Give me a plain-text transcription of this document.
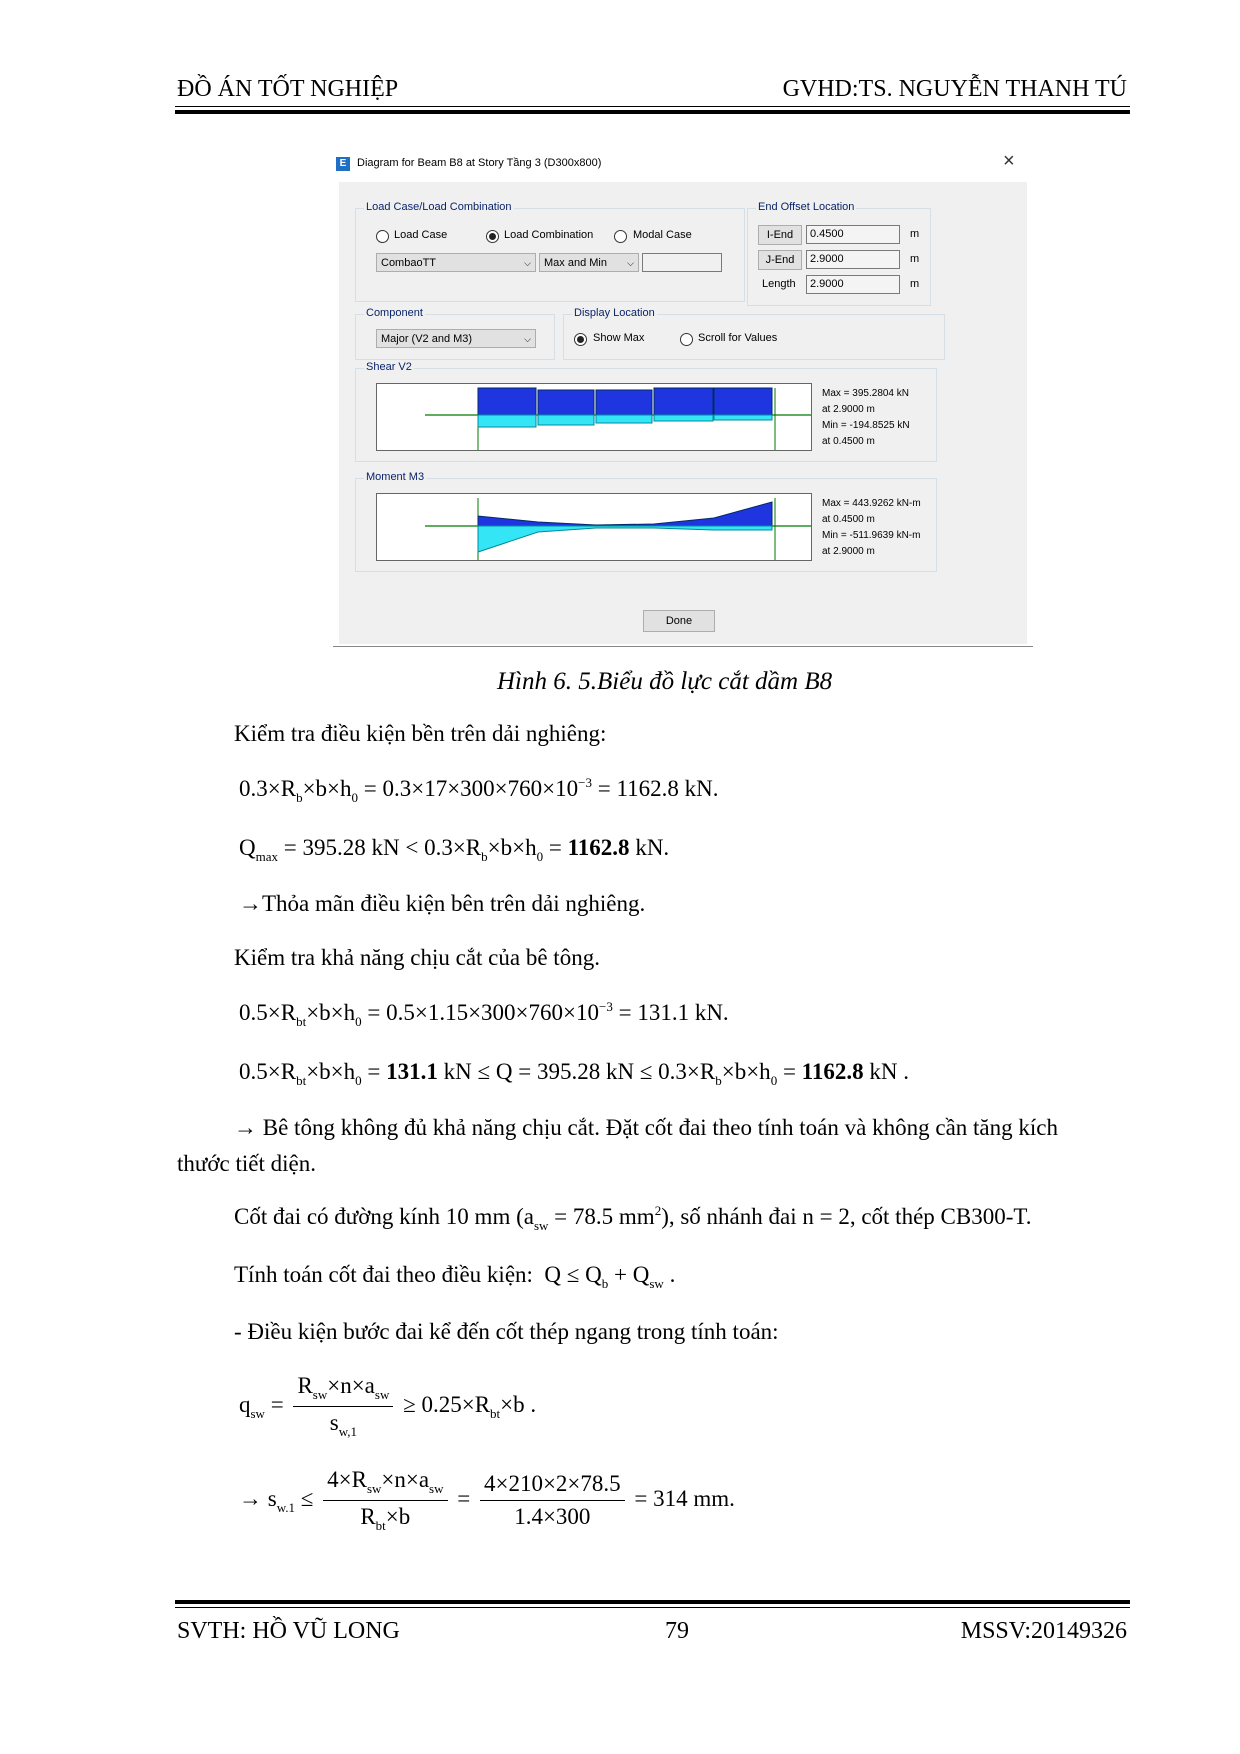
ĐỒ ÁN TỐT NGHIỆP	GVHD:TS. NGUYỄN THANH TÚ
E Diagram for Beam B8 at Story Tầng 3 (D300x800)	×
Load Case/Load Combination
Load Case	Load Combination	Modal Case
CombaoTT	⌵	Max and Min ⌵
End Offset Location
I-End	0.4500	m
J-End	2.9000	m
Length	2.9000	m
Component
Major (V2 and M3)	⌵
Display Location
Show Max	Scroll for Values
Shear V2
Max = 395.2804 kN
at 2.9000 m
Min = -194.8525 kN
at 0.4500 m
Moment M3
Max = 443.9262 kN-m
at 0.4500 m
Min = -511.9639 kN-m
at 2.9000 m
Done
Hình 6. 5.Biểu đồ lực cắt dầm B8
Kiểm tra điều kiện bền trên dải nghiêng:
$0.3\times R_b\times b\times h_0 = 0.3\times 17\times 300\times 760\times 10^{-3} = 1162.8$ kN.
$Q_{max} = 395.28$ kN < $0.3\times R_b\times b\times h_0 = 1162.8$ kN.
→Thỏa mãn điều kiện bên trên dải nghiêng.
Kiểm tra khả năng chịu cắt của bê tông.
$0.5\times R_{bt}\times b\times h_0 = 0.5\times 1.15\times 300\times 760\times 10^{-3} = 131.1$ kN.
$0.5\times R_{bt}\times b\times h_0 = 131.1$ kN ≤ Q = 395.28 kN ≤ $0.3\times R_b\times b\times h_0 = 1162.8$ kN .
→ Bê tông không đủ khả năng chịu cắt. Đặt cốt đai theo tính toán và không cần tăng kích
thước tiết diện.
Cốt đai có đường kính 10 mm ($a_{sw} = 78.5$ $mm^2$), số nhánh đai n = 2, cốt thép CB300-T.
Tính toán cốt đai theo điều kiện:  $Q \le Q_b + Q_{sw}$ .
- Điều kiện bước đai kể đến cốt thép ngang trong tính toán:
$q_{sw} = \frac{R_{sw}\times n\times a_{sw}}{s_{w,1}} \ge 0.25\times R_{bt}\times b$ .
→ $s_{w.1} \le \frac{4\times R_{sw}\times n\times a_{sw}}{R_{bt}\times b} = \frac{4\times 210\times 2\times 78.5}{1.4\times 300} = 314$ mm.
SVTH: HỒ VŨ LONG	79	MSSV:20149326
